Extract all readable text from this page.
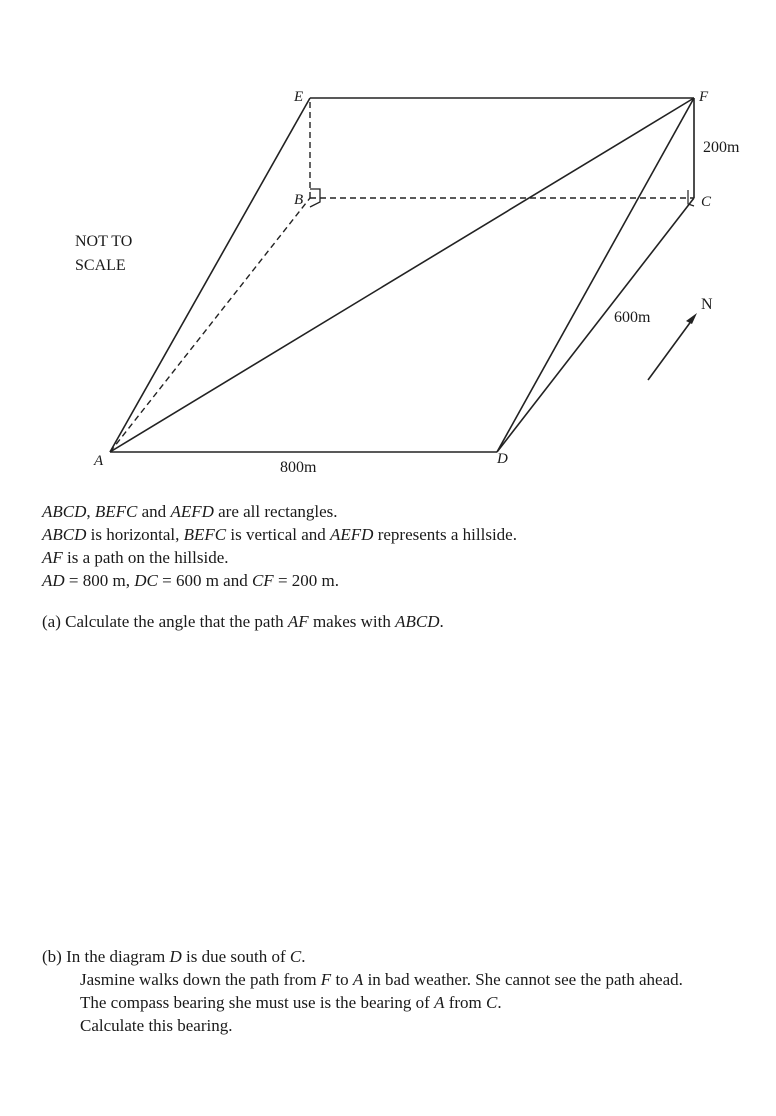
E	F
B	C
A	D
800m
600m
200m
N
NOT TO
SCALE

ABCD, BEFC and AEFD are all rectangles.

ABCD is horizontal, BEFC is vertical and AEFD represents a hillside.

AF is a path on the hillside.

AD = 800 m, DC = 600 m and CF = 200 m.

(a) Calculate the angle that the path AF makes with ABCD.

(b) In the diagram D is due south of C.
Jasmine walks down the path from F to A in bad weather. She cannot see the path ahead.
The compass bearing she must use is the bearing of A from C.
Calculate this bearing.
